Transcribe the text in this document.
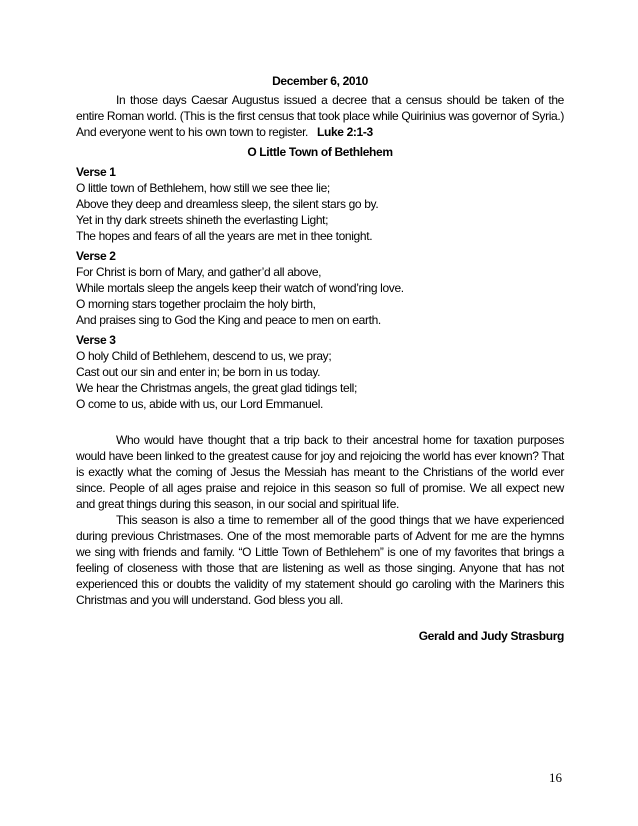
December 6, 2010
In those days Caesar Augustus issued a decree that a census should be taken of the entire Roman world. (This is the first census that took place while Quirinius was governor of Syria.) And everyone went to his own town to register. Luke 2:1-3
O Little Town of Bethlehem
Verse 1
O little town of Bethlehem, how still we see thee lie;
Above they deep and dreamless sleep, the silent stars go by.
Yet in thy dark streets shineth the everlasting Light;
The hopes and fears of all the years are met in thee tonight.
Verse 2
For Christ is born of Mary, and gather’d all above,
While mortals sleep the angels keep their watch of wond’ring love.
O morning stars together proclaim the holy birth,
And praises sing to God the King and peace to men on earth.
Verse 3
O holy Child of Bethlehem, descend to us, we pray;
Cast out our sin and enter in; be born in us today.
We hear the Christmas angels, the great glad tidings tell;
O come to us, abide with us, our Lord Emmanuel.

Who would have thought that a trip back to their ancestral home for taxation purposes would have been linked to the greatest cause for joy and rejoicing the world has ever known? That is exactly what the coming of Jesus the Messiah has meant to the Christians of the world ever since. People of all ages praise and rejoice in this season so full of promise. We all expect new and great things during this season, in our social and spiritual life.

This season is also a time to remember all of the good things that we have experienced during previous Christmases. One of the most memorable parts of Advent for me are the hymns we sing with friends and family. “O Little Town of Bethlehem” is one of my favorites that brings a feeling of closeness with those that are listening as well as those singing. Anyone that has not experienced this or doubts the validity of my statement should go caroling with the Mariners this Christmas and you will understand. God bless you all.

Gerald and Judy Strasburg
16
